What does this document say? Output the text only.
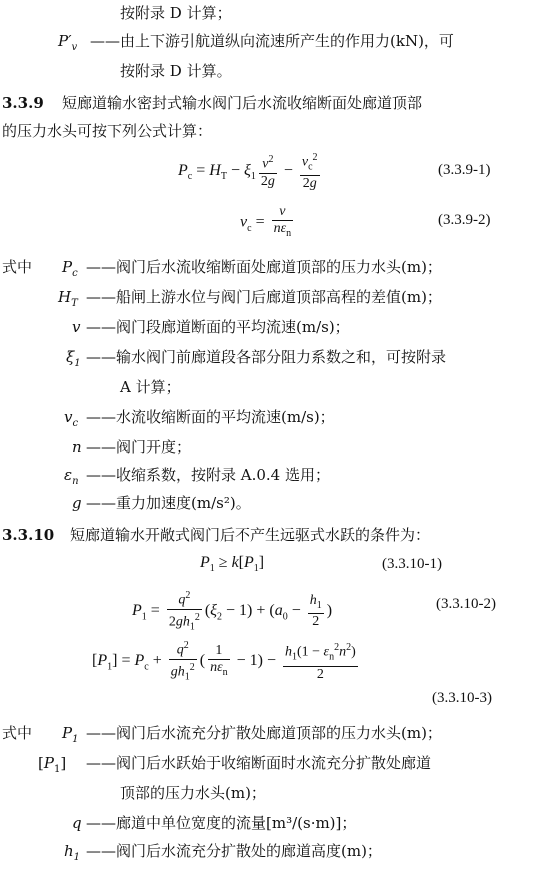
按附录 D 计算；
$P'_v$ ——由上下游引航道纵向流速所产生的作用力(kN)，可
按附录 D 计算。
3.3.9 短廊道输水密封式输水阀门后水流收缩断面处廊道顶部
的压力水头可按下列公式计算：
$P_c = H_T - \xi_1 \frac{v^2}{2g} - \frac{v_c^2}{2g}$	(3.3.9-1)
$v_c = \frac{v}{n\varepsilon_n}$	(3.3.9-2)
式中 $P_c$ ——阀门后水流收缩断面处廊道顶部的压力水头(m)；
$H_T$ ——船闸上游水位与阀门后廊道顶部高程的差值(m)；
v ——阀门段廊道断面的平均流速(m/s)；
$\xi_1$ ——输水阀门前廊道段各部分阻力系数之和，可按附录
A 计算；
$v_c$ ——水流收缩断面的平均流速(m/s)；
n ——阀门开度；
$\varepsilon_n$ ——收缩系数，按附录 A.0.4 选用；
g ——重力加速度(m/s²)。
3.3.10 短廊道输水开敞式阀门后不产生远驱式水跃的条件为：
$P_1 \ge k[P_1]$	(3.3.10-1)
$P_1 = \frac{q^2}{2gh_1^2} (\xi_2 - 1) + (a_0 - \frac{h_1}{2}$ )	(3.3.10-2)
$[P_1] = P_c + \frac{q^2}{gh_1^2}$ ( $\frac{1}{n\varepsilon_n} - 1) - \frac{h_1(1 - \varepsilon_n^2n^2)}{2}$
(3.3.10-3)
式中 $P_1$ ——阀门后水流充分扩散处廊道顶部的压力水头(m)；
$[P_1]$ ——阀门后水跃始于收缩断面时水流充分扩散处廊道
顶部的压力水头(m)；
q ——廊道中单位宽度的流量[m³/(s·m)]；
$h_1$ ——阀门后水流充分扩散处的廊道高度(m)；
